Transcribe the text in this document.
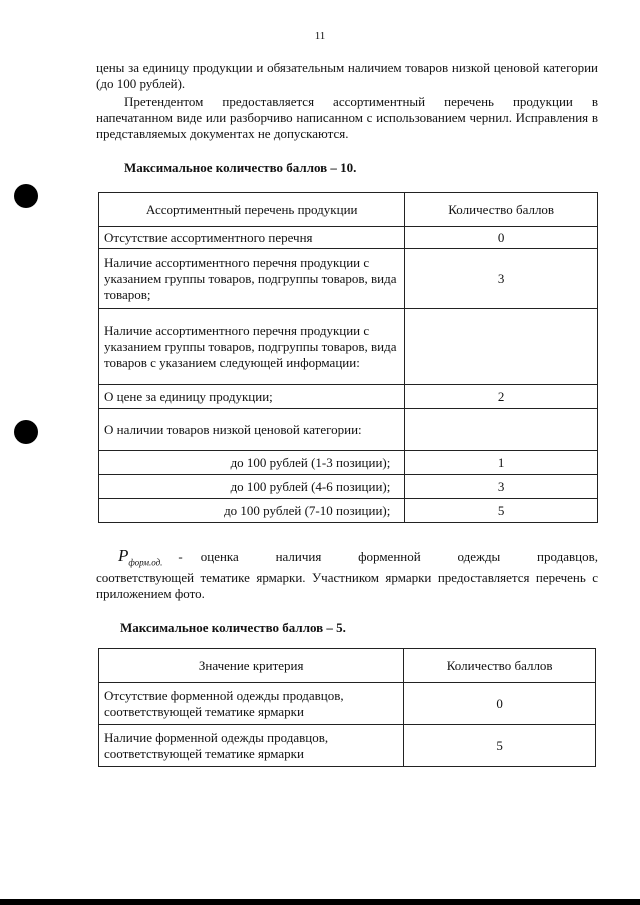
11

цены за единицу продукции и обязательным наличием товаров низкой ценовой категории (до 100 рублей).

Претендентом предоставляется ассортиментный перечень продукции в напечатанном виде или разборчиво написанном с использованием чернил. Исправления в представляемых документах не допускаются.

Максимальное количество баллов – 10.

Ассортиментный перечень продукции	Количество баллов
Отсутствие ассортиментного перечня	0
Наличие ассортиментного перечня продукции с указанием группы товаров, подгруппы товаров, вида товаров;	3
Наличие ассортиментного перечня продукции с указанием группы товаров, подгруппы товаров, вида товаров с указанием следующей информации:	
О цене за единицу продукции;	2
О наличии товаров низкой ценовой категории:	
до 100 рублей (1-3 позиции);	1
до 100 рублей (4-6 позиции);	3
до 100 рублей (7-10 позиции);	5
$P_{форм.од.}$ - оценка наличия форменной одежды продавцов,
соответствующей тематике ярмарки. Участником ярмарки предоставляется перечень с приложением фото.

Максимальное количество баллов – 5.

Значение критерия	Количество баллов
Отсутствие форменной одежды продавцов, соответствующей тематике ярмарки	0
Наличие форменной одежды продавцов, соответствующей тематике ярмарки	5
